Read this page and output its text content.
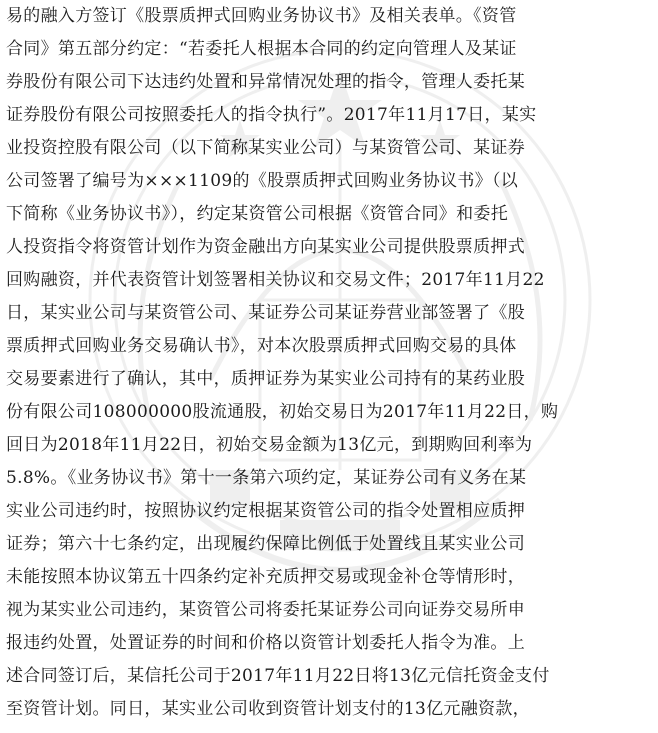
易的融入方签订《股票质押式回购业务协议书》及相关表单。《资管
合同》第五部分约定：“若委托人根据本合同的约定向管理人及某证
券股份有限公司下达违约处置和异常情况处理的指令，管理人委托某
证券股份有限公司按照委托人的指令执行”。2017年11月17日，某实
业投资控股有限公司（以下简称某实业公司）与某资管公司、某证券
公司签署了编号为×××1109的《股票质押式回购业务协议书》（以
下简称《业务协议书》），约定某资管公司根据《资管合同》和委托
人投资指令将资管计划作为资金融出方向某实业公司提供股票质押式
回购融资，并代表资管计划签署相关协议和交易文件；2017年11月22
日，某实业公司与某资管公司、某证券公司某证券营业部签署了《股
票质押式回购业务交易确认书》，对本次股票质押式回购交易的具体
交易要素进行了确认，其中，质押证券为某实业公司持有的某药业股
份有限公司108000000股流通股，初始交易日为2017年11月22日，购
回日为2018年11月22日，初始交易金额为13亿元，到期购回利率为
5.8%。《业务协议书》第十一条第六项约定，某证券公司有义务在某
实业公司违约时，按照协议约定根据某资管公司的指令处置相应质押
证券；第六十七条约定，出现履约保障比例低于处置线且某实业公司
未能按照本协议第五十四条约定补充质押交易或现金补仓等情形时，
视为某实业公司违约，某资管公司将委托某证券公司向证券交易所申
报违约处置，处置证券的时间和价格以资管计划委托人指令为准。上
述合同签订后，某信托公司于2017年11月22日将13亿元信托资金支付
至资管计划。同日，某实业公司收到资管计划支付的13亿元融资款，
